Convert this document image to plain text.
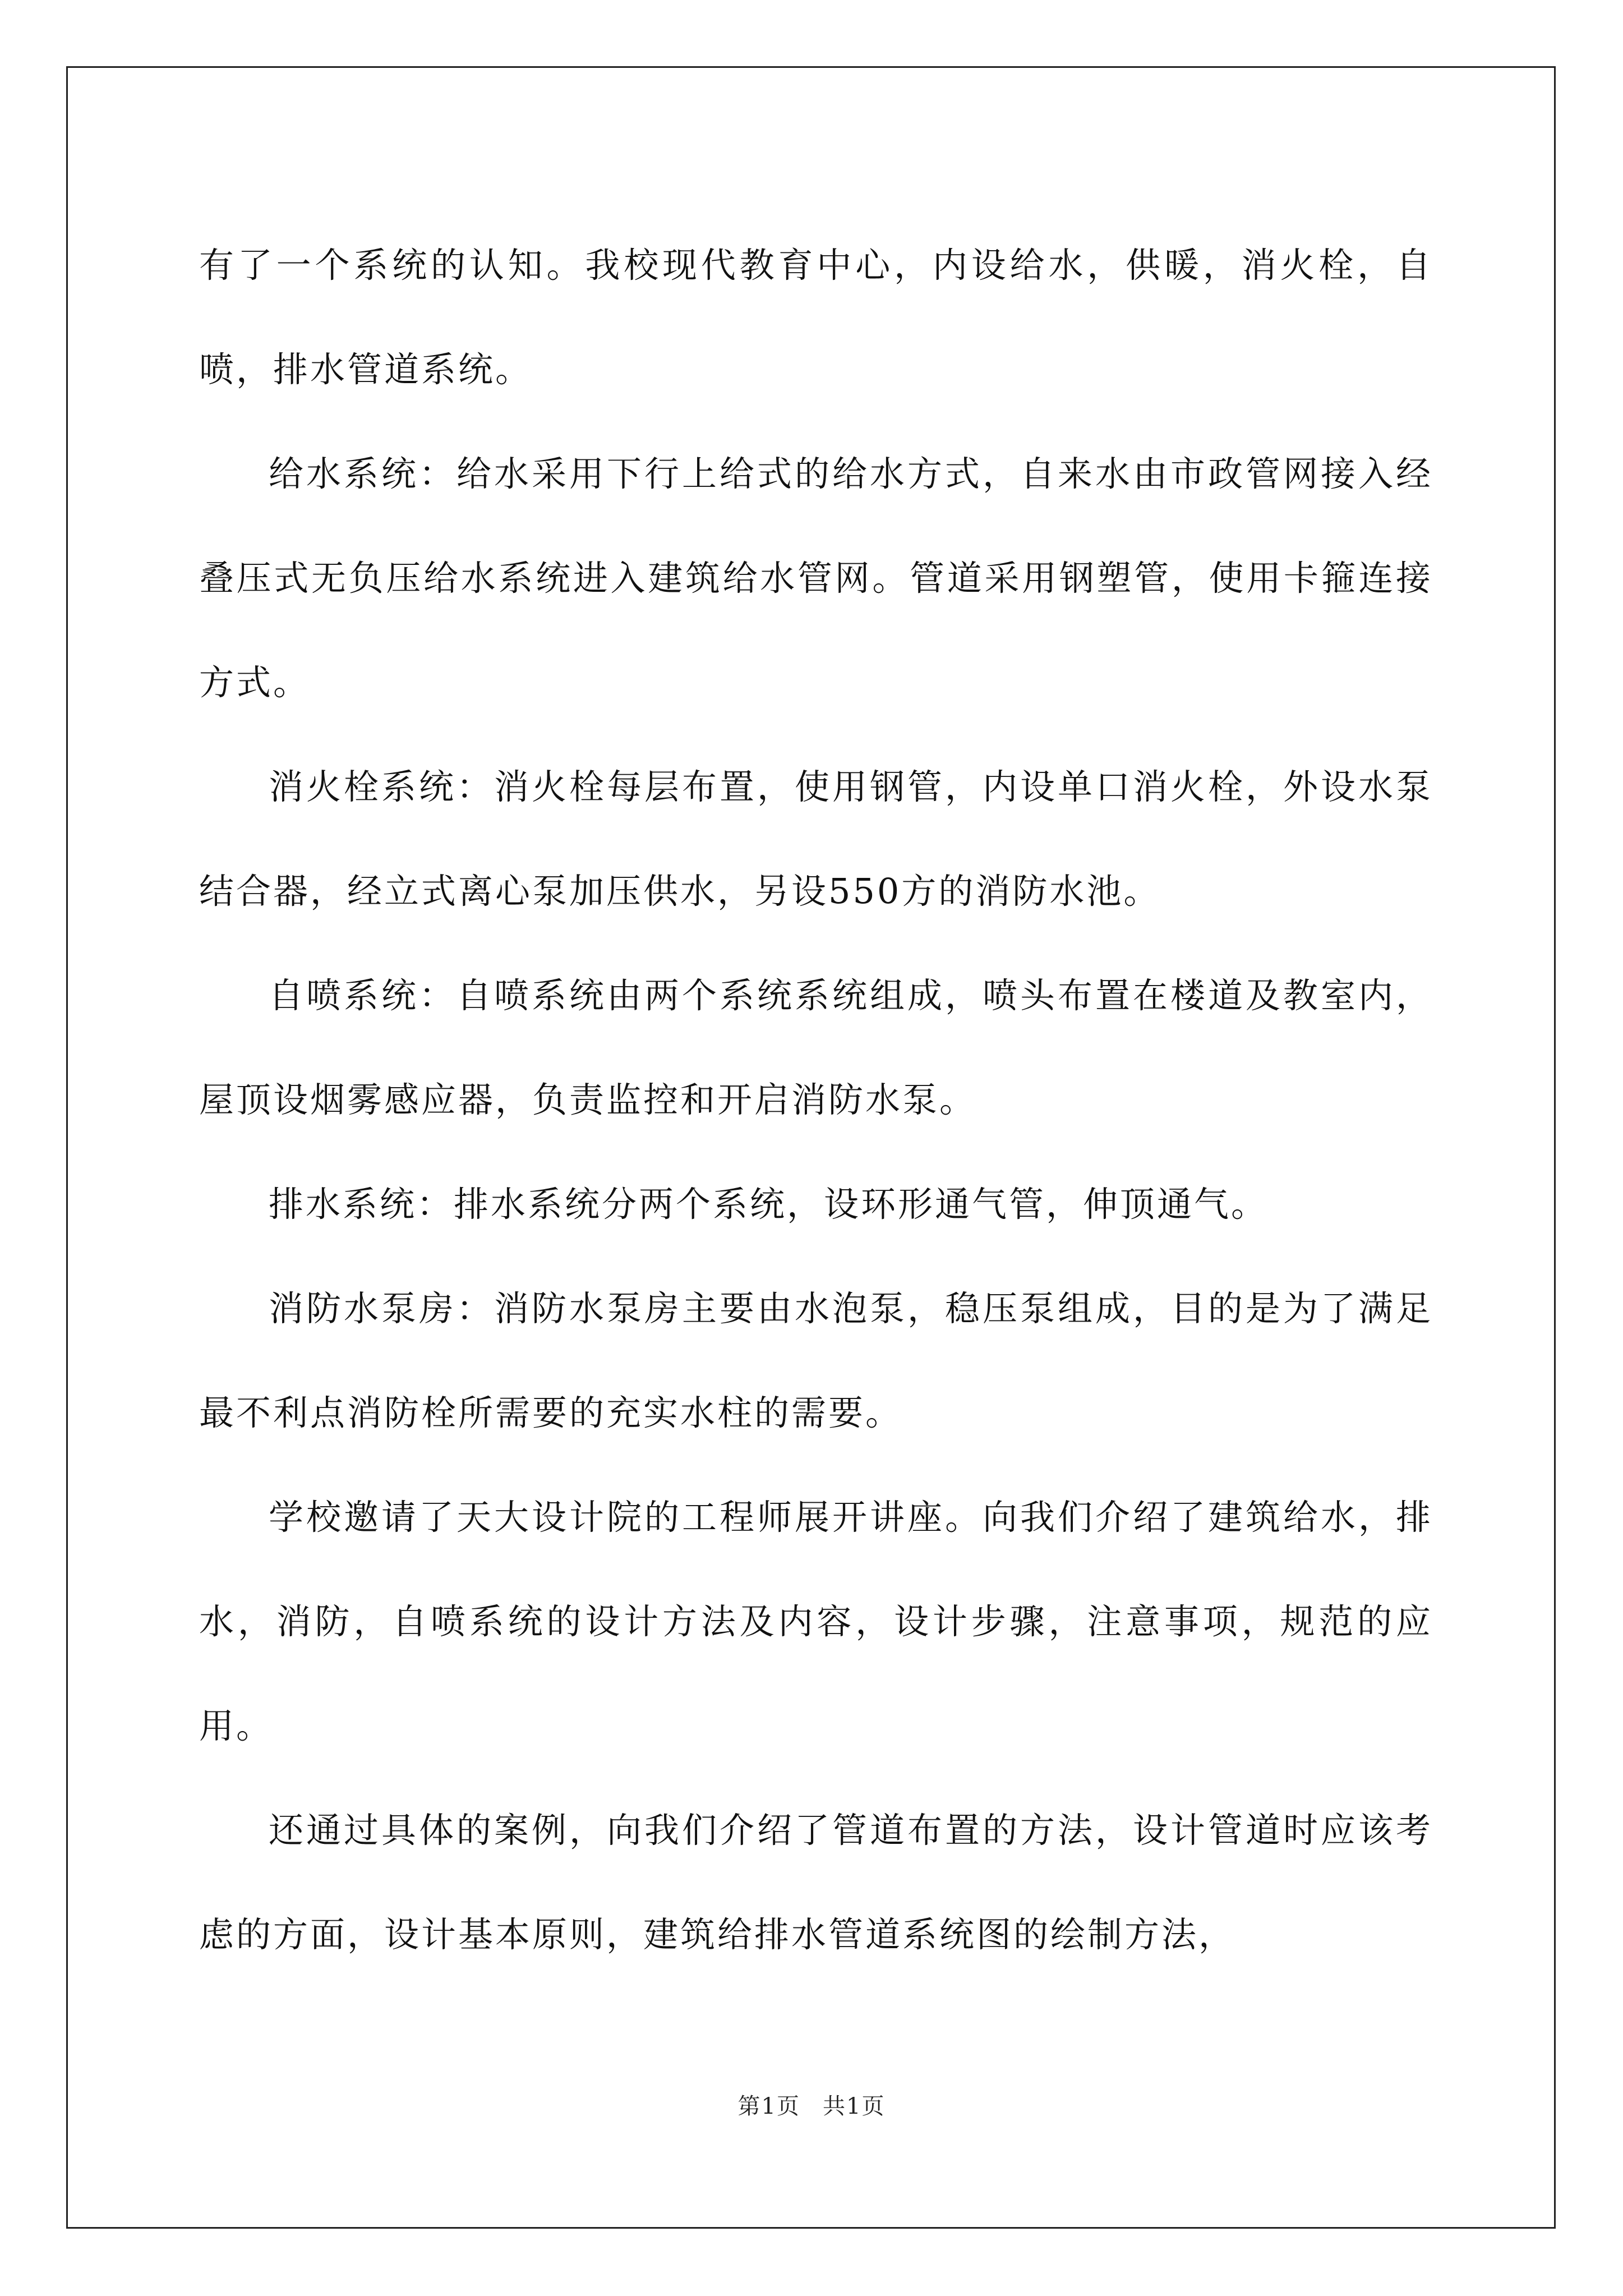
有了一个系统的认知。我校现代教育中心，内设给水，供暖，消火栓，自喷，排水管道系统。

给水系统：给水采用下行上给式的给水方式，自来水由市政管网接入经叠压式无负压给水系统进入建筑给水管网。管道采用钢塑管，使用卡箍连接方式。

消火栓系统：消火栓每层布置，使用钢管，内设单口消火栓，外设水泵结合器，经立式离心泵加压供水，另设550方的消防水池。

自喷系统：自喷系统由两个系统系统组成，喷头布置在楼道及教室内，屋顶设烟雾感应器，负责监控和开启消防水泵。

排水系统：排水系统分两个系统，设环形通气管，伸顶通气。

消防水泵房：消防水泵房主要由水泡泵，稳压泵组成，目的是为了满足最不利点消防栓所需要的充实水柱的需要。

学校邀请了天大设计院的工程师展开讲座。向我们介绍了建筑给水，排水，消防，自喷系统的设计方法及内容，设计步骤，注意事项，规范的应用。

还通过具体的案例，向我们介绍了管道布置的方法，设计管道时应该考虑的方面，设计基本原则，建筑给排水管道系统图的绘制方法，

第1页 共1页
